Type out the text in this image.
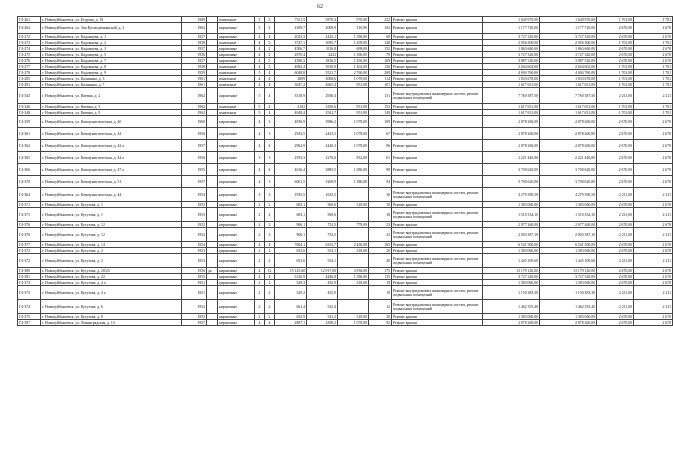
62
Г4-261	г. Новокуйбышевск, ул. Егорова, д. 18	1989		панельные	5	3	7311,5	5870,4	970,00	252	Ремонт крыши	1 649 970,00	1 649 970,00	1 701,00	1 701
Г4-264	г. Новокуйбышевск, ул. Зои Космодемьянской, д. 2	1962		кирпичные	5	2	2309,7	2008,9	516,90	102	Ремонт крыши	1 177 720,00	1 177 720,00	2 670,00	2 670
Г4-272	г. Новокуйбышевск, ул. Кадомцева, д. 1	1957		кирпичные	4	4	2023,3	2425,1	1 396,00	68	Ремонт крыши	3 727 320,00	3 727 320,00	2 670,00	2 670
Г4-273	г. Новокуйбышевск, ул. Кадомцева, д. 2	1958		панельные	4	5	3747,1	3095,7	1 209,00	140	Ремонт крыши	2 056 300,00	2 056 300,00	1 701,00	1 701
Г4-274	г. Новокуйбышевск, ул. Кадомцева, д. 3	1957		кирпичные	4	2	4506,7	3116,8	698,00	152	Ремонт крыши	1 863 660,00	1 863 660,00	2 670,00	2 670
Г4-275	г. Новокуйбышевск, ул. Кадомцева, д. 5	1956		кирпичные	4	2	2970,4	2423	1 396,00	79	Ремонт крыши	3 727 320,00	3 727 320,00	2 670,00	2 670
Г4-276	г. Новокуйбышевск, ул. Кадомцева, д. 7	1957		кирпичные	4	5	4580,5	3816,5	1 456,00	169	Ремонт крыши	3 887 520,00	3 887 520,00	2 670,00	2 670
Г4-277	г. Новокуйбышевск, ул. Кадомцева, д. 8	1958		панельные	4	5	4682,4	3910,8	1 202,00	150	Ремонт крыши	2 044 602,00	2 044 602,00	1 701,00	1 701
Г4-278	г. Новокуйбышевск, ул. Кадомцева, д. 9	1959		панельные	5	4	6048,8	5521,7	2 760,00	208	Ремонт крыши	4 694 760,00	4 694 760,00	1 701,00	1 701
Г4-285	г. Новокуйбышевск, ул. Калинина, д. 3	1961		панельные	4	4	3809	3068,6	1 078,00	114	Ремонт крыши	1 833 678,00	1 833 678,00	1 701,00	1 701
Г4-291	г. Новокуйбышевск, ул. Калинина, д. 7	1961		панельные	4	4	3047,2	2665,4	951,00	101	Ремонт крыши	1 617 651,00	1 617 651,00	1 701,00	1 701
Г4-343	г. Новокуйбышевск, ул. Киевна, д. 2	1962		кирпичные	5	4	3518,9	2936,4		131	Ремонт внутридомовых инженерных систем, ремонт подвальных помещений	7 760 387,50	7 760 387,50	2 211,00	2 211
Г4-346	г. Новокуйбышевск, ул. Киевна, д. 5	1962		панельные	5	4	4102	3350,6	951,00	153	Ремонт крыши	1 617 651,00	1 617 651,00	1 701,00	1 701
Г4-348	г. Новокуйбышевск, ул. Киевна, д. 9	1962		панельные	5	4	4049,4	3541,7	951,00	149	Ремонт крыши	1 617 651,00	1 617 651,00	1 701,00	1 701
Г4-359	г. Новокуйбышевск, ул. Коммунистическая, д. 40	1960		кирпичные	4	3	4830,9	3986,2	1 078,00	109	Ремонт крыши	2 878 260,00	2 878 260,00	2 670,00	2 670
Г4-361	г. Новокуйбышевск, ул. Коммунистическая, д. 42	1956		кирпичные	4	3	2943,5	2433,3	1 078,00	67	Ремонт крыши	2 878 260,00	2 878 260,00	2 670,00	2 670
Г4-362	г. Новокуйбышевск, ул. Коммунистическая, д. 42 а	1957		кирпичные	4	4	2962,9	2440,3	1 078,00	96	Ремонт крыши	2 878 260,00	2 878 260,00	2 670,00	2 670
Г4-365	г. Новокуйбышевск, ул. Коммунистическая, д. 44 а	1956		кирпичные	3	3	2593,3	2276,6	832,00	61	Ремонт крыши	2 221 440,00	2 221 440,00	2 670,00	2 670
Г4-366	г. Новокуйбышевск, ул. Коммунистическая, д. 47 а	1955		кирпичные	4	4	4616,4	3885,5	1 386,00	98	Ремонт крыши	3 700 620,00	3 700 620,00	2 670,00	2 670
Г4-370	г. Новокуйбышевск, ул. Коммунистическая, д. 51	1957		кирпичные	4	3	6061,5	5269,9	1 386,00	94	Ремонт крыши	3 700 620,00	3 700 620,00	2 670,00	2 670
Г4-364	г. Новокуйбышевск, ул. Коммунистическая, д. 44	1954		кирпичные	3	3	1935,5	1633,5		36	Ремонт внутридомовых инженерных систем, ремонт подвальных помещений	4 279 390,50	4 279 390,50	2 211,00	2 211
Г4-371	г. Новокуйбышевск, ул. Кутузова, д. 1	1953		кирпичные	2	2	683,1	569,6	518,00	18	Ремонт крыши	1 383 060,00	1 383 060,00	2 670,00	2 670
Г4-371	г. Новокуйбышевск, ул. Кутузова, д. 1	1953		кирпичные	2	2	683,1	569,6		18	Ремонт внутридомовых инженерных систем, ремонт подвальных помещений	1 510 334,10	1 510 334,10	2 211,00	2 211
Г4-376	г. Новокуйбышевск, ул. Кутузова, д. 12	1952		кирпичные	2	3	906,1	752,5	778,00	23	Ремонт крыши	2 077 260,00	2 077 260,00	2 670,00	2 670
Г4-376	г. Новокуйбышевск, ул. Кутузова, д. 12	1952		кирпичные	2	3	906,1	752,5		23	Ремонт внутридомовых инженерных систем, ремонт подвальных помещений	2 003 387,10	2 003 387,10	2 211,00	2 211
Г4-377	г. Новокуйбышевск, ул. Кутузова, д. 14	1954		кирпичные	4	4	7604,1	6333,7	2 430,00	165	Ремонт крыши	6 541 500,00	6 541 500,00	2 670,00	2 670
Г4-372	г. Новокуйбышевск, ул. Кутузова, д. 2	1953		кирпичные	2	2	653,6	554,1	518,00	20	Ремонт крыши	1 383 060,00	1 383 060,00	2 670,00	2 670
Г4-372	г. Новокуйбышевск, ул. Кутузова, д. 2	1953		кирпичные	2	2	653,6	554,1		20	Ремонт внутридомовых инженерных систем, ремонт подвальных помещений	1 445 109,60	1 445 109,60	2 211,00	2 211
Г4-380	г. Новокуйбышевск, ул. Кутузова, д. 20/24	1956	да	кирпичные	4	12	15 125,60	12 917,00	4 936,00	175	Ремонт крыши	13 179 120,00	13 179 120,00	2 670,00	2 670
Г4-381	г. Новокуйбышевск, ул. Кутузова, д. 22	1955		кирпичные	4	4	5120,9	4446,8	1 396,00	115	Ремонт крыши	3 727 320,00	3 727 320,00	2 670,00	2 670
Г4-373	г. Новокуйбышевск, ул. Кутузова, д. 4 а	1951		кирпичные	2	2	529,3	435,9	518,00	19	Ремонт крыши	1 383 060,00	1 383 060,00	2 670,00	2 670
Г4-373	г. Новокуйбышевск, ул. Кутузова, д. 4 а	1951		кирпичные	2	2	529,3	435,9		19	Ремонт внутридомовых инженерных систем, ремонт подвальных помещений	1 150 383,30	1 150 383,30	2 211,00	2 211
Г4-374	г. Новокуйбышевск, ул. Кутузова, д. 6	1952		кирпичные	2	2	661,4	543,4		12	Ремонт внутридомовых инженерных систем, ремонт подвальных помещений	1 462 355,40	1 462 355,40	2 211,00	2 211
Г4-375	г. Новокуйбышевск, ул. Кутузова, д. 8	1953		кирпичные	2	2	653,9	541,2	518,00	28	Ремонт крыши	1 383 060,00	1 383 060,00	2 670,00	2 670
Г4-397	г. Новокуйбышевск, ул. Ленинградская, д. 14	1957		кирпичные	4	4	2887,1	2398,3	1 078,00	92	Ремонт крыши	2 878 260,00	2 878 260,00	2 670,00	2 670
